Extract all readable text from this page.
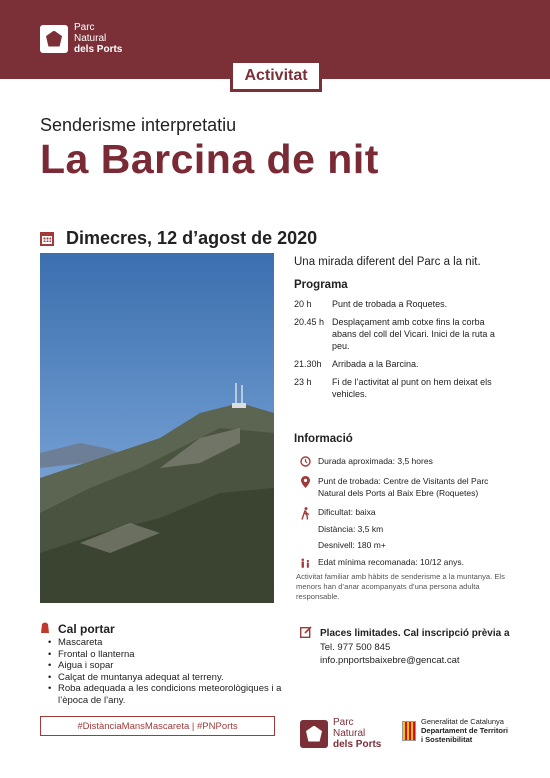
Parc
Natural
dels Ports
Activitat
Senderisme interpretatiu
La Barcina de nit
Dimecres, 12 d’agost de 2020
Una mirada diferent del Parc a la nit.
Programa
20 h	Punt de trobada a Roquetes.
20.45 h	Desplaçament amb cotxe fins la corba abans del coll del Vicari. Inici de la ruta a peu.
21.30h	Arribada a la Barcina.
23 h	Fi de l’activitat al punt on hem deixat els vehicles.
Informació
Durada aproximada: 3,5 hores
Punt de trobada: Centre de Visitants del Parc Natural dels Ports al Baix Ebre (Roquetes)
Dificultat: baixa
Distància: 3,5 km
Desnivell: 180 m+
Edat mínima recomanada: 10/12 anys.
Activitat familiar amb hàbits de senderisme a la muntanya. Els menors han d’anar acompanyats d’una persona adulta responsable.
Cal portar
• Mascareta
• Frontal o llanterna
• Aigua i sopar
• Calçat de muntanya adequat al terreny.
• Roba adequada a les condicions meteorològiques i a l’època de l’any.
#DistànciaMansMascareta | #PNPorts
Places limitades. Cal inscripció prèvia a
Tel. 977 500 845
info.pnportsbaixebre@gencat.cat
Parc
Natural
dels Ports
Generalitat de Catalunya
Departament de Territori
i Sostenibilitat
